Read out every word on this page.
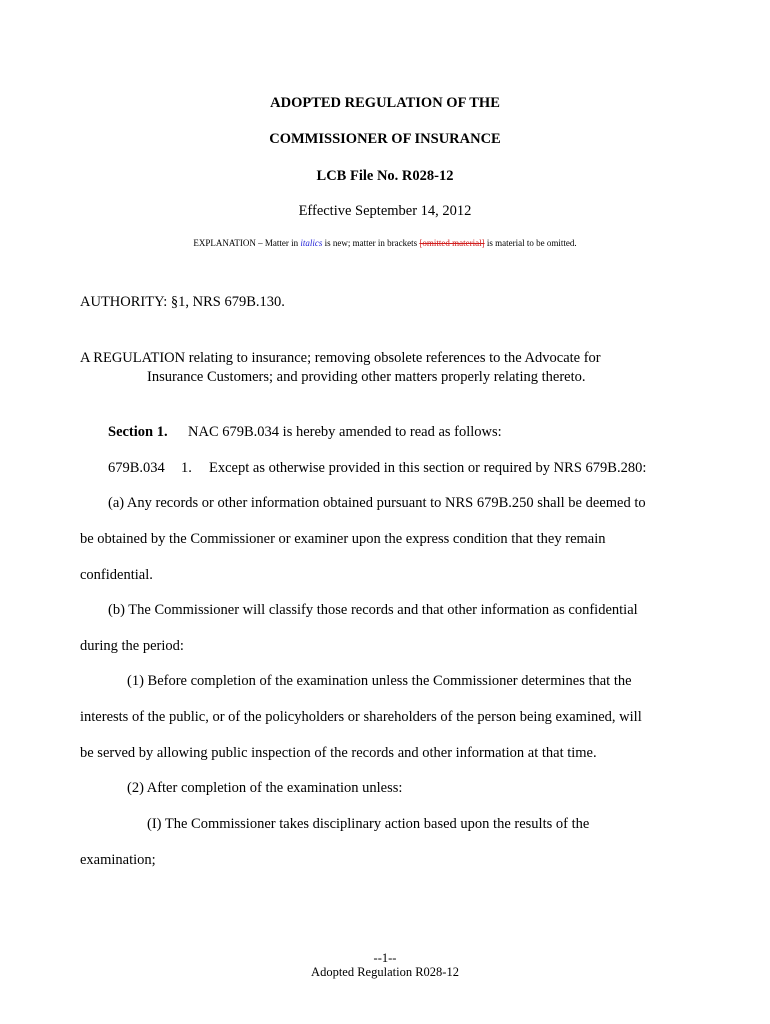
ADOPTED REGULATION OF THE
COMMISSIONER OF INSURANCE
LCB File No. R028-12
Effective September 14, 2012
EXPLANATION – Matter in italics is new; matter in brackets [omitted material] is material to be omitted.
AUTHORITY: §1, NRS 679B.130.
A REGULATION relating to insurance; removing obsolete references to the Advocate for
Insurance Customers; and providing other matters properly relating thereto.
Section 1. NAC 679B.034 is hereby amended to read as follows:
679B.034 1. Except as otherwise provided in this section or required by NRS 679B.280:
(a) Any records or other information obtained pursuant to NRS 679B.250 shall be deemed to
be obtained by the Commissioner or examiner upon the express condition that they remain
confidential.
(b) The Commissioner will classify those records and that other information as confidential
during the period:
(1) Before completion of the examination unless the Commissioner determines that the
interests of the public, or of the policyholders or shareholders of the person being examined, will
be served by allowing public inspection of the records and other information at that time.
(2) After completion of the examination unless:
(I) The Commissioner takes disciplinary action based upon the results of the
examination;
--1--
Adopted Regulation R028-12
